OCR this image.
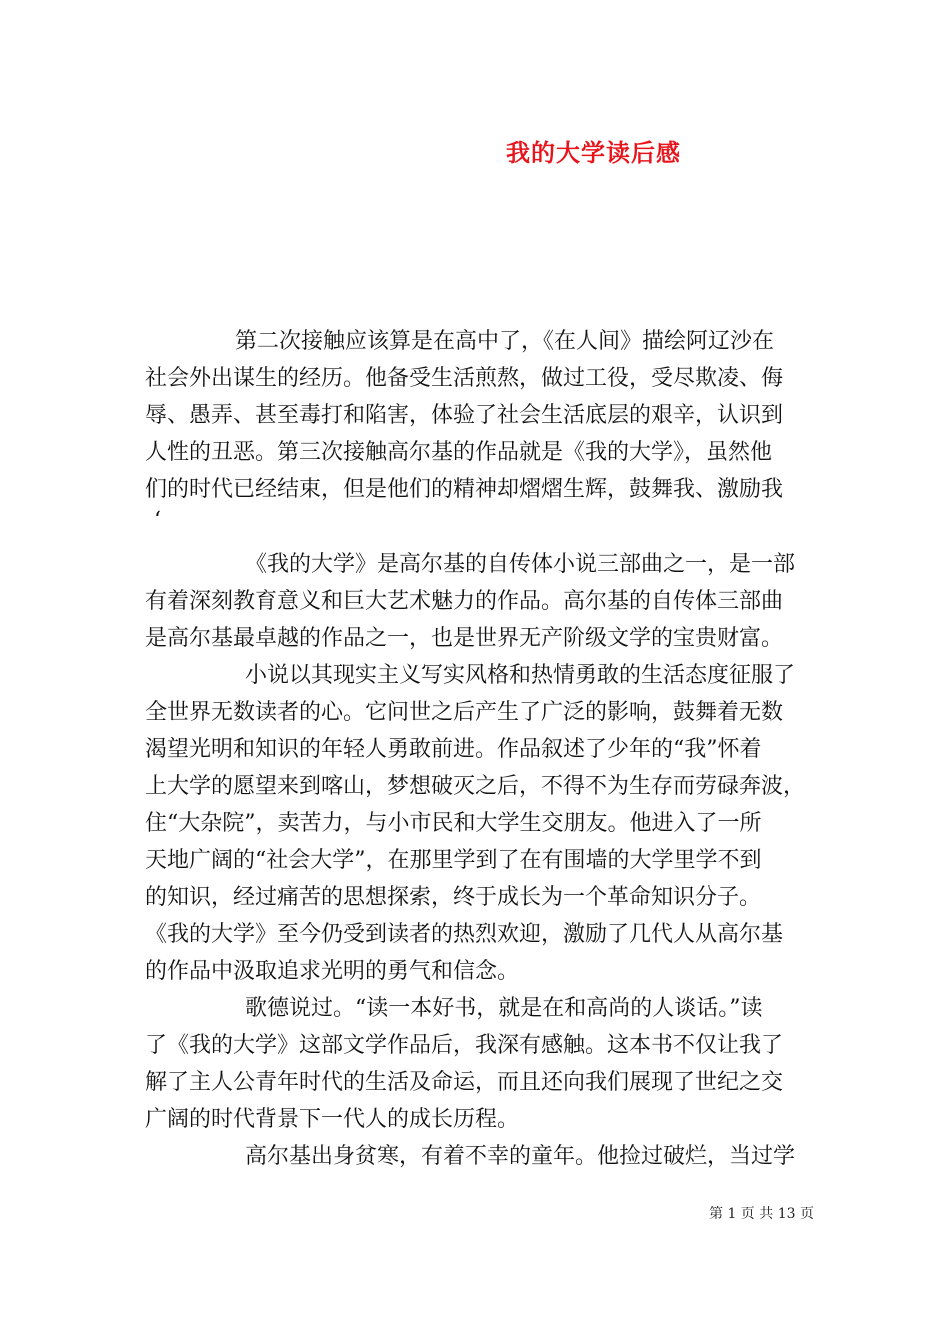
我的大学读后感
第二次接触应该算是在高中了，《在人间》描绘阿辽沙在
社会外出谋生的经历。他备受生活煎熬，做过工役，受尽欺凌、侮
辱、愚弄、甚至毒打和陷害，体验了社会生活底层的艰辛，认识到
人性的丑恶。第三次接触高尔基的作品就是《我的大学》，虽然他
们的时代已经结束，但是他们的精神却熠熠生辉，鼓舞我、激励我
‘
《我的大学》是高尔基的自传体小说三部曲之一，是一部
有着深刻教育意义和巨大艺术魅力的作品。高尔基的自传体三部曲
是高尔基最卓越的作品之一，也是世界无产阶级文学的宝贵财富。
小说以其现实主义写实风格和热情勇敢的生活态度征服了
全世界无数读者的心。它问世之后产生了广泛的影响，鼓舞着无数
渴望光明和知识的年轻人勇敢前进。作品叙述了少年的“我”怀着
上大学的愿望来到喀山，梦想破灭之后，不得不为生存而劳碌奔波，
住“大杂院”，卖苦力，与小市民和大学生交朋友。他进入了一所
天地广阔的“社会大学”，在那里学到了在有围墙的大学里学不到
的知识，经过痛苦的思想探索，终于成长为一个革命知识分子。
《我的大学》至今仍受到读者的热烈欢迎，激励了几代人从高尔基
的作品中汲取追求光明的勇气和信念。
歌德说过。“读一本好书，就是在和高尚的人谈话。”读
了《我的大学》这部文学作品后，我深有感触。这本书不仅让我了
解了主人公青年时代的生活及命运，而且还向我们展现了世纪之交
广阔的时代背景下一代人的成长历程。
高尔基出身贫寒，有着不幸的童年。他捡过破烂，当过学
第 1 页 共 13 页
